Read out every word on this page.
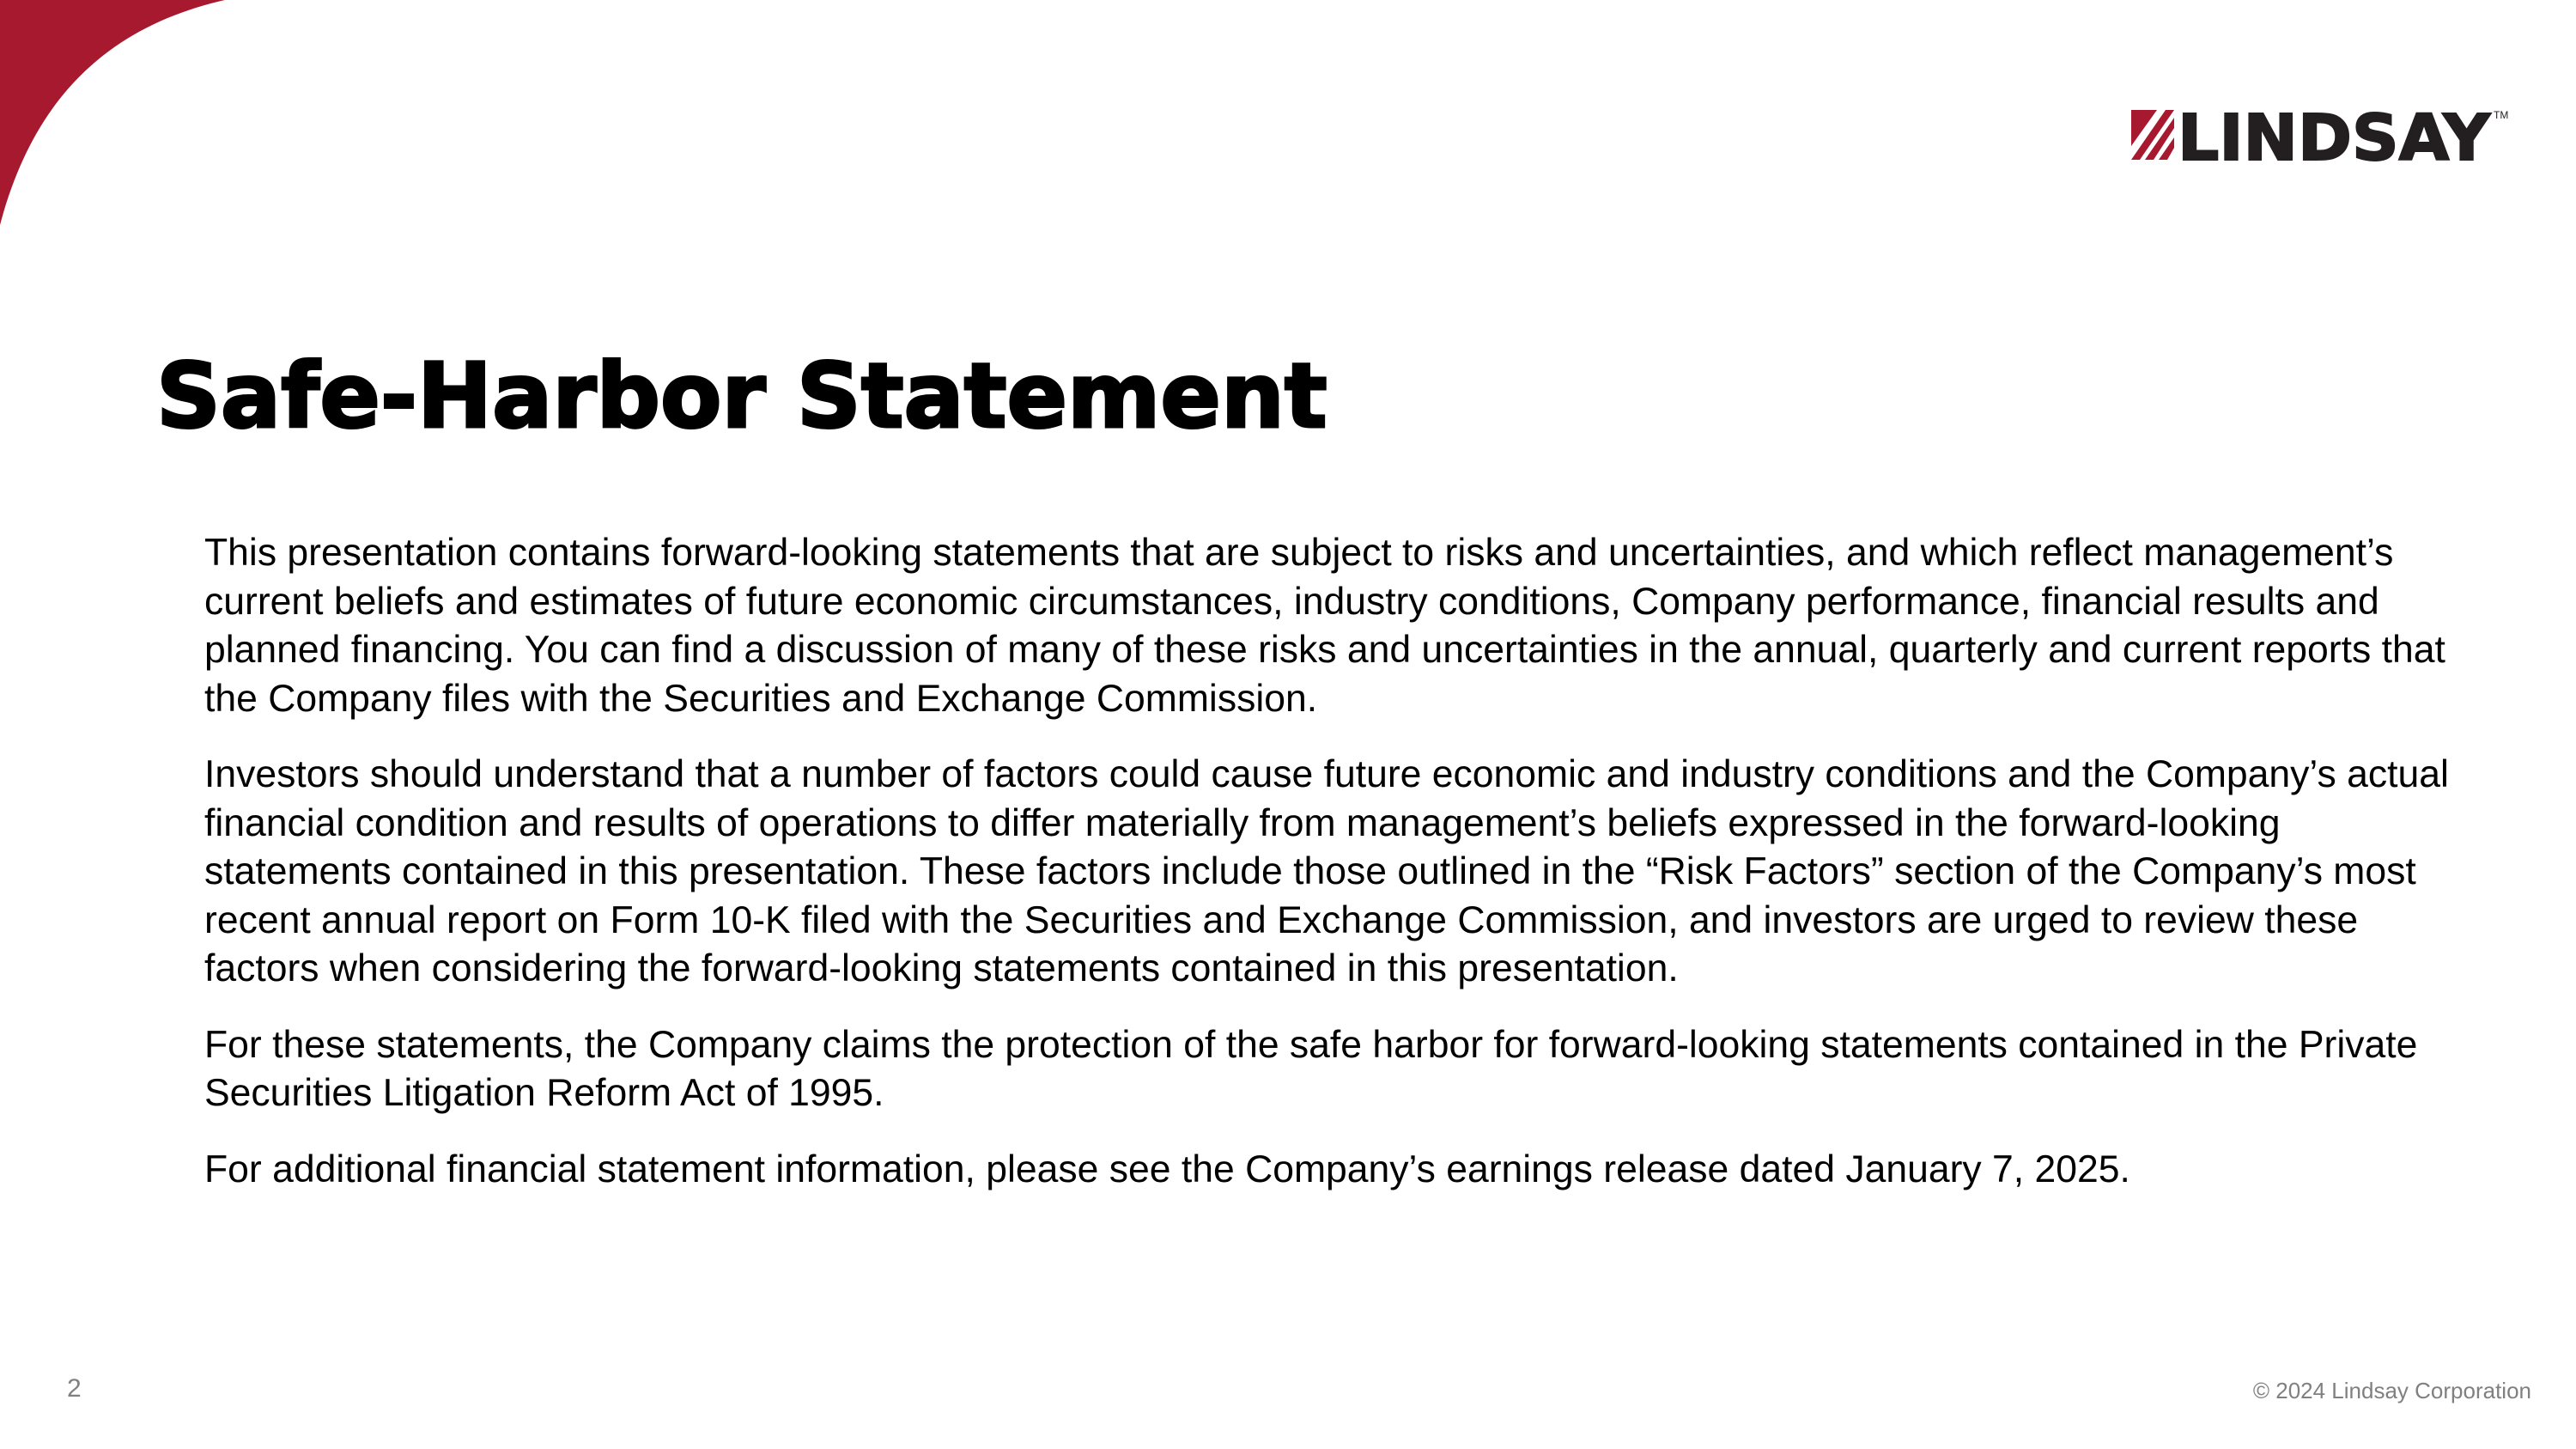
LINDSAY TM
Safe-Harbor Statement

This presentation contains forward-looking statements that are subject to risks and uncertainties, and which reflect management’s current beliefs and estimates of future economic circumstances, industry conditions, Company performance, financial results and planned financing. You can find a discussion of many of these risks and uncertainties in the annual, quarterly and current reports that the Company files with the Securities and Exchange Commission.

Investors should understand that a number of factors could cause future economic and industry conditions and the Company’s actual financial condition and results of operations to differ materially from management’s beliefs expressed in the forward-looking statements contained in this presentation. These factors include those outlined in the “Risk Factors” section of the Company’s most recent annual report on Form 10-K filed with the Securities and Exchange Commission, and investors are urged to review these factors when considering the forward-looking statements contained in this presentation.

For these statements, the Company claims the protection of the safe harbor for forward-looking statements contained in the Private Securities Litigation Reform Act of 1995.

For additional financial statement information, please see the Company’s earnings release dated January 7, 2025.

2	© 2024 Lindsay Corporation
